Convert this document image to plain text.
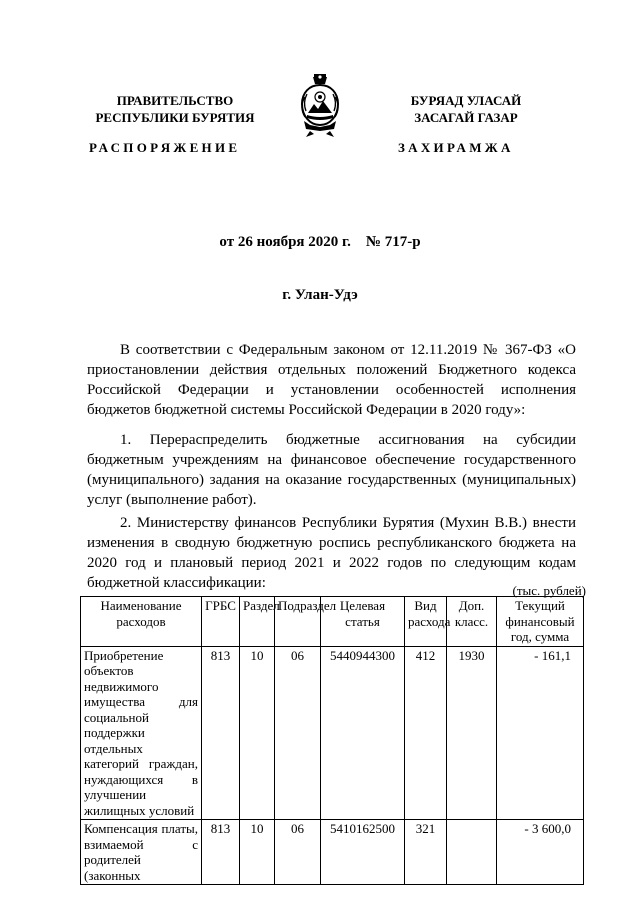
ПРАВИТЕЛЬСТВО
РЕСПУБЛИКИ БУРЯТИЯ
РАСПОРЯЖЕНИЕ
БУРЯАД УЛАСАЙ
ЗАСАГАЙ ГАЗАР
ЗАХИРАМЖА
от 26 ноября 2020 г.    № 717-р
г. Улан-Удэ

В соответствии с Федеральным законом от 12.11.2019 № 367-ФЗ «О приостановлении действия отдельных положений Бюджетного кодекса Российской Федерации и установлении особенностей исполнения бюджетов бюджетной системы Российской Федерации в 2020 году»:

1. Перераспределить бюджетные ассигнования на субсидии бюджетным учреждениям на финансовое обеспечение государственного (муниципального) задания на оказание государственных (муниципальных) услуг (выполнение работ).

2. Министерству финансов Республики Бурятия (Мухин В.В.) внести изменения в сводную бюджетную роспись республиканского бюджета на 2020 год и плановый период 2021 и 2022 годов по следующим кодам бюджетной классификации:	(тыс. рублей)
Наименование расходов	ГРБС	Раздел	Подраздел	Целевая статья	Вид расхода	Доп. класс.	Текущий финансовый год, сумма
Приобретение объектов недвижимого имущества для социальной поддержки отдельных категорий граждан, нуждающихся в улучшении жилищных условий	813	10	06	5440944300	412	1930	- 161,1
Компенсация платы, взимаемой с родителей (законных	813	10	06	5410162500	321		- 3 600,0
